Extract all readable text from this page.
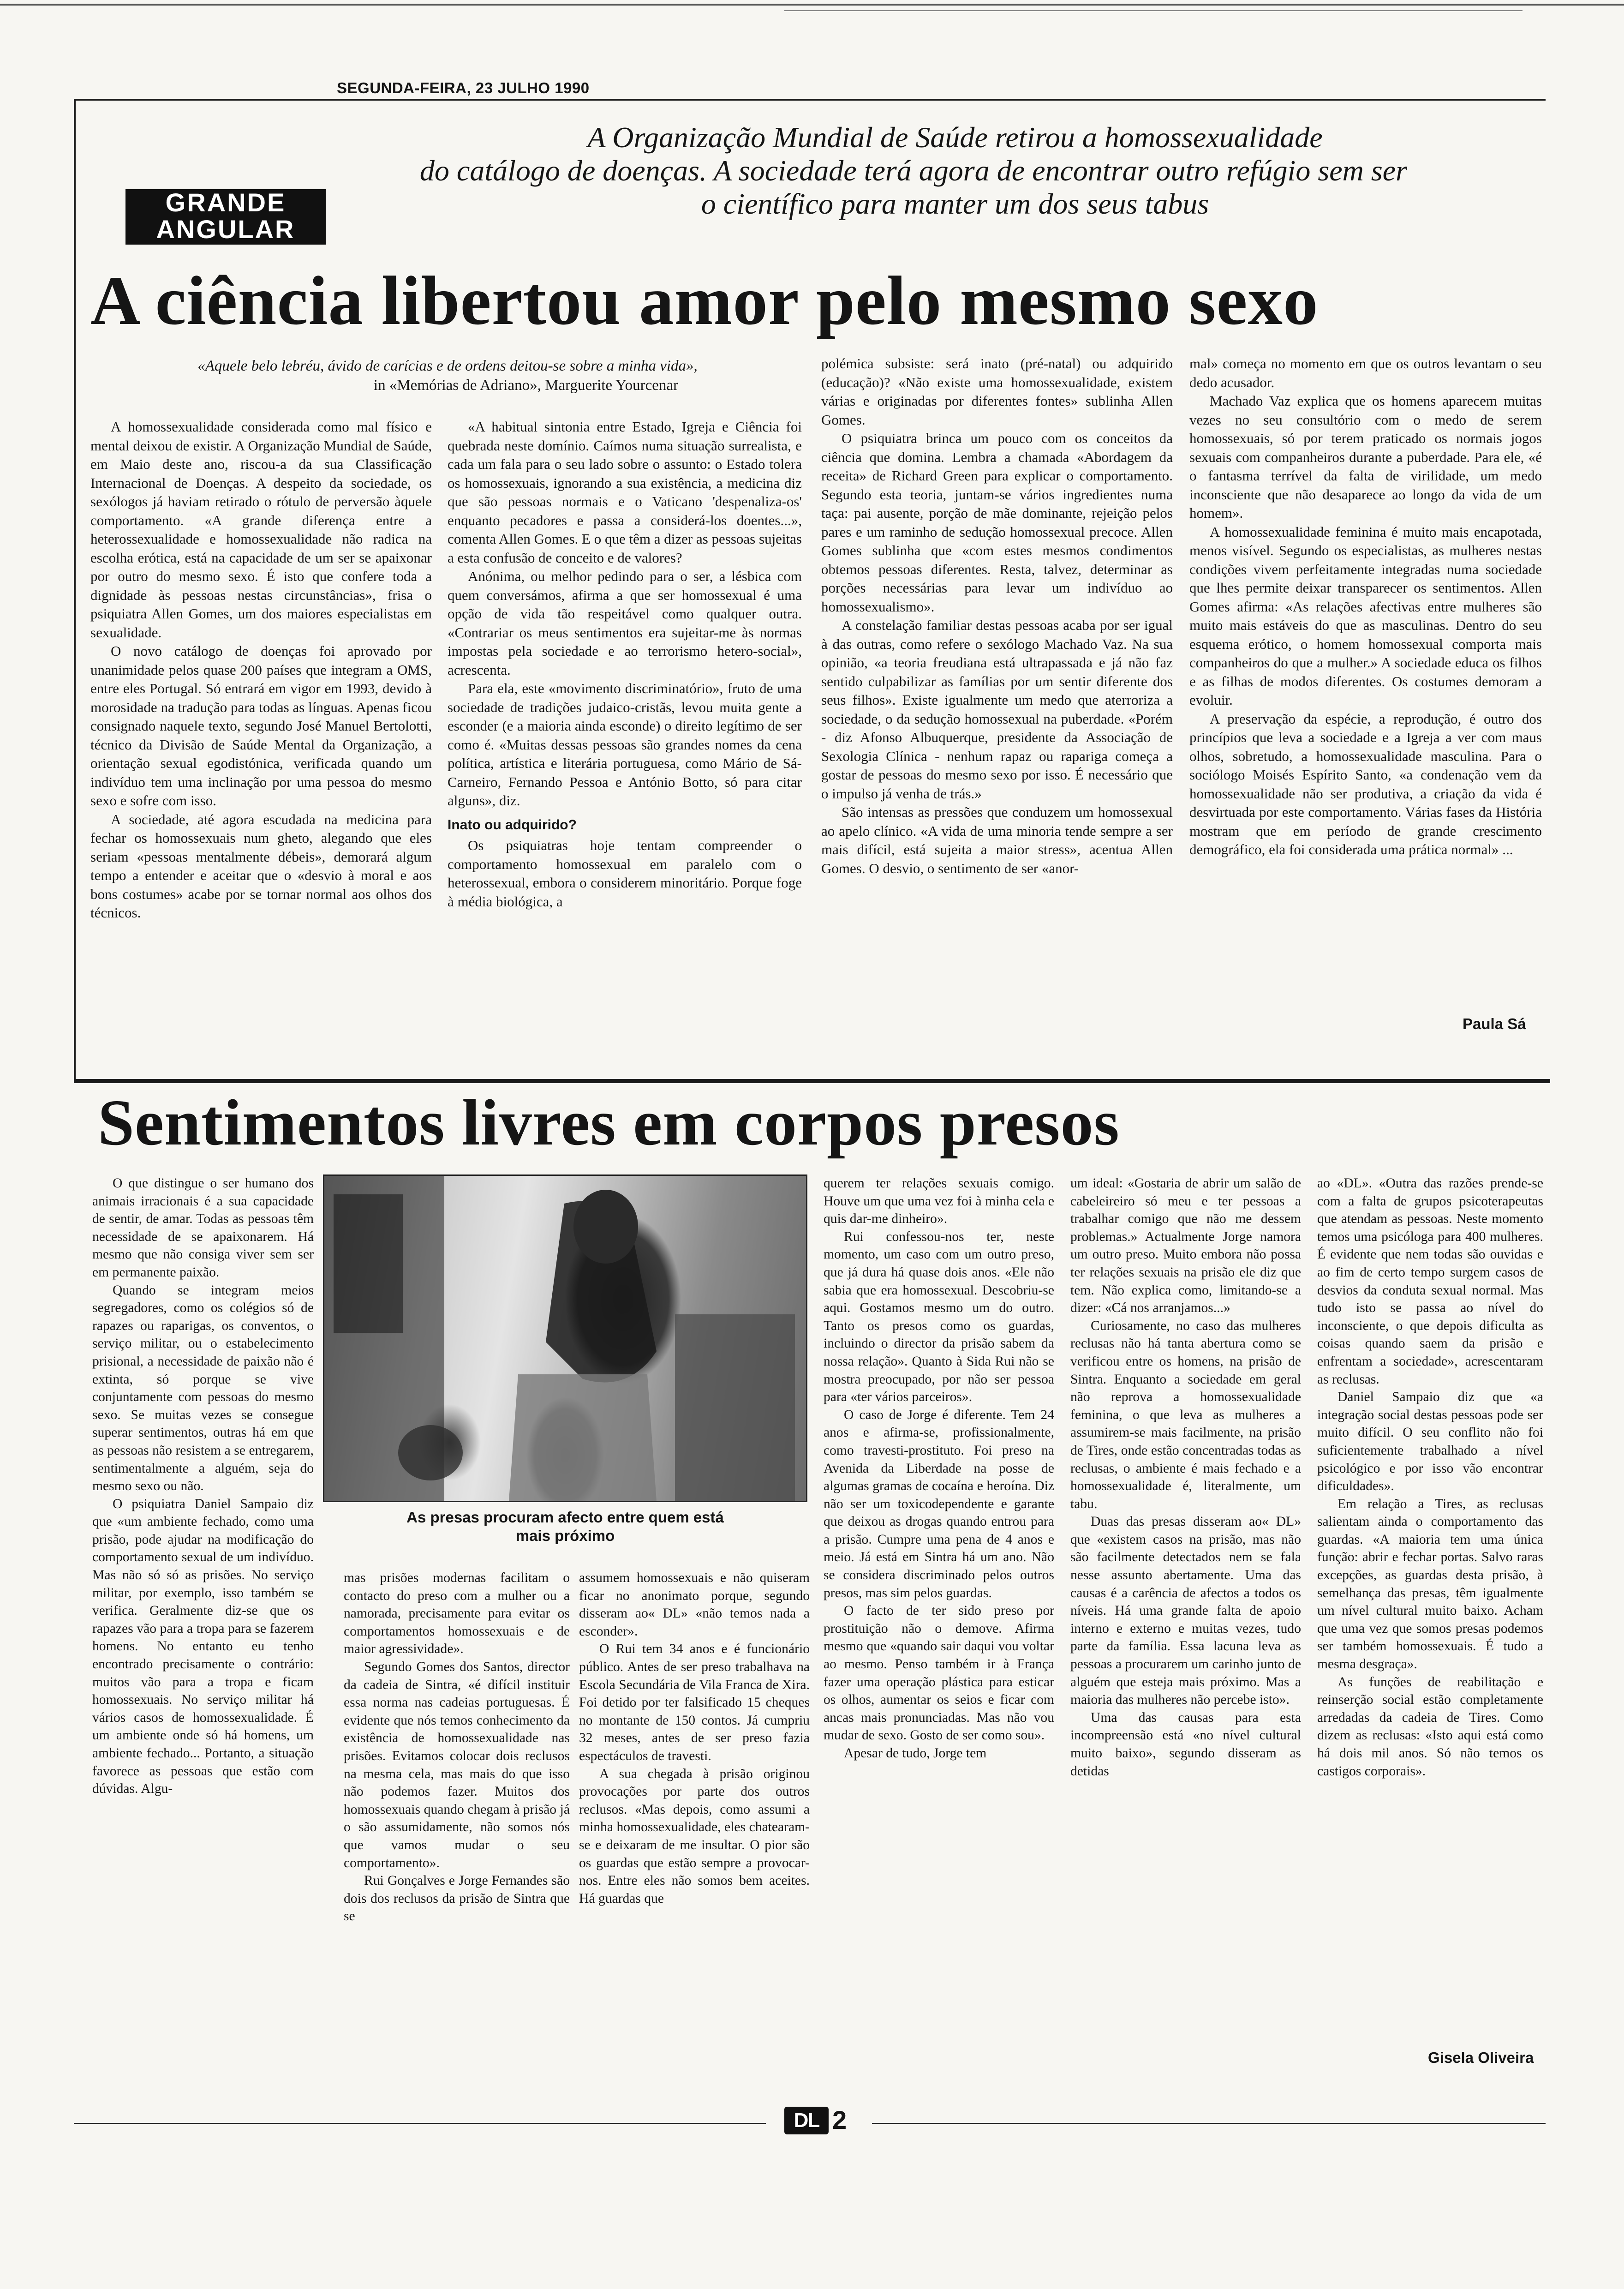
SEGUNDA-FEIRA, 23 JULHO 1990
GRANDE
ANGULAR
A Organização Mundial de Saúde retirou a homossexualidade
do catálogo de doenças. A sociedade terá agora de encontrar outro refúgio sem ser
o científico para manter um dos seus tabus
A ciência libertou amor pelo mesmo sexo
«Aquele belo lebréu, ávido de carícias e de ordens deitou-se sobre a minha vida»,
in «Memórias de Adriano», Marguerite Yourcenar

A homossexualidade considerada como mal físico e mental deixou de existir. A Organização Mundial de Saúde, em Maio deste ano, riscou-a da sua Classificação Internacional de Doenças. A despeito da sociedade, os sexólogos já haviam retirado o rótulo de perversão àquele comportamento. «A grande diferença entre a heterossexualidade e homossexualidade não radica na escolha erótica, está na capacidade de um ser se apaixonar por outro do mesmo sexo. É isto que confere toda a dignidade às pessoas nestas circunstâncias», frisa o psiquiatra Allen Gomes, um dos maiores especialistas em sexualidade.

O novo catálogo de doenças foi aprovado por unanimidade pelos quase 200 países que integram a OMS, entre eles Portugal. Só entrará em vigor em 1993, devido à morosidade na tradução para todas as línguas. Apenas ficou consignado naquele texto, segundo José Manuel Bertolotti, técnico da Divisão de Saúde Mental da Organização, a orientação sexual egodistónica, verificada quando um indivíduo tem uma inclinação por uma pessoa do mesmo sexo e sofre com isso.

A sociedade, até agora escudada na medicina para fechar os homossexuais num gheto, alegando que eles seriam «pessoas mentalmente débeis», demorará algum tempo a entender e aceitar que o «desvio à moral e aos bons costumes» acabe por se tornar normal aos olhos dos técnicos.

«A habitual sintonia entre Estado, Igreja e Ciência foi quebrada neste domínio. Caímos numa situação surrealista, e cada um fala para o seu lado sobre o assunto: o Estado tolera os homossexuais, ignorando a sua existência, a medicina diz que são pessoas normais e o Vaticano 'despenaliza-os' enquanto pecadores e passa a considerá-los doentes...», comenta Allen Gomes. E o que têm a dizer as pessoas sujeitas a esta confusão de conceito e de valores?

Anónima, ou melhor pedindo para o ser, a lésbica com quem conversámos, afirma a que ser homossexual é uma opção de vida tão respeitável como qualquer outra. «Contrariar os meus sentimentos era sujeitar-me às normas impostas pela sociedade e ao terrorismo hetero-social», acrescenta.

Para ela, este «movimento discriminatório», fruto de uma sociedade de tradições judaico-cristãs, levou muita gente a esconder (e a maioria ainda esconde) o direito legítimo de ser como é. «Muitas dessas pessoas são grandes nomes da cena política, artística e literária portuguesa, como Mário de Sá-Carneiro, Fernando Pessoa e António Botto, só para citar alguns», diz.

Inato ou adquirido?

Os psiquiatras hoje tentam compreender o comportamento homossexual em paralelo com o heterossexual, embora o considerem minoritário. Porque foge à média biológica, a

polémica subsiste: será inato (pré-natal) ou adquirido (educação)? «Não existe uma homossexualidade, existem várias e originadas por diferentes fontes» sublinha Allen Gomes.

O psiquiatra brinca um pouco com os conceitos da ciência que domina. Lembra a chamada «Abordagem da receita» de Richard Green para explicar o comportamento. Segundo esta teoria, juntam-se vários ingredientes numa taça: pai ausente, porção de mãe dominante, rejeição pelos pares e um raminho de sedução homossexual precoce. Allen Gomes sublinha que «com estes mesmos condimentos obtemos pessoas diferentes. Resta, talvez, determinar as porções necessárias para levar um indivíduo ao homossexualismo».

A constelação familiar destas pessoas acaba por ser igual à das outras, como refere o sexólogo Machado Vaz. Na sua opinião, «a teoria freudiana está ultrapassada e já não faz sentido culpabilizar as famílias por um sentir diferente dos seus filhos». Existe igualmente um medo que aterroriza a sociedade, o da sedução homossexual na puberdade. «Porém - diz Afonso Albuquerque, presidente da Associação de Sexologia Clínica - nenhum rapaz ou rapariga começa a gostar de pessoas do mesmo sexo por isso. É necessário que o impulso já venha de trás.»

São intensas as pressões que conduzem um homossexual ao apelo clínico. «A vida de uma minoria tende sempre a ser mais difícil, está sujeita a maior stress», acentua Allen Gomes. O desvio, o sentimento de ser «anor-

mal» começa no momento em que os outros levantam o seu dedo acusador.

Machado Vaz explica que os homens aparecem muitas vezes no seu consultório com o medo de serem homossexuais, só por terem praticado os normais jogos sexuais com companheiros durante a puberdade. Para ele, «é o fantasma terrível da falta de virilidade, um medo inconsciente que não desaparece ao longo da vida de um homem».

A homossexualidade feminina é muito mais encapotada, menos visível. Segundo os especialistas, as mulheres nestas condições vivem perfeitamente integradas numa sociedade que lhes permite deixar transparecer os sentimentos. Allen Gomes afirma: «As relações afectivas entre mulheres são muito mais estáveis do que as masculinas. Dentro do seu esquema erótico, o homem homossexual comporta mais companheiros do que a mulher.» A sociedade educa os filhos e as filhas de modos diferentes. Os costumes demoram a evoluir.

A preservação da espécie, a reprodução, é outro dos princípios que leva a sociedade e a Igreja a ver com maus olhos, sobretudo, a homossexualidade masculina. Para o sociólogo Moisés Espírito Santo, «a condenação vem da homossexualidade não ser produtiva, a criação da vida é desvirtuada por este comportamento. Várias fases da História mostram que em período de grande crescimento demográfico, ela foi considerada uma prática normal» ...

Paula Sá
Sentimentos livres em corpos presos
As presas procuram afecto entre quem está
mais próximo

O que distingue o ser humano dos animais irracionais é a sua capacidade de sentir, de amar. Todas as pessoas têm necessidade de se apaixonarem. Há mesmo que não consiga viver sem ser em permanente paixão.

Quando se integram meios segregadores, como os colégios só de rapazes ou raparigas, os conventos, o serviço militar, ou o estabelecimento prisional, a necessidade de paixão não é extinta, só porque se vive conjuntamente com pessoas do mesmo sexo. Se muitas vezes se consegue superar sentimentos, outras há em que as pessoas não resistem a se entregarem, sentimentalmente a alguém, seja do mesmo sexo ou não.

O psiquiatra Daniel Sampaio diz que «um ambiente fechado, como uma prisão, pode ajudar na modificação do comportamento sexual de um indivíduo. Mas não só só as prisões. No serviço militar, por exemplo, isso também se verifica. Geralmente diz-se que os rapazes vão para a tropa para se fazerem homens. No entanto eu tenho encontrado precisamente o contrário: muitos vão para a tropa e ficam homossexuais. No serviço militar há vários casos de homossexualidade. É um ambiente onde só há homens, um ambiente fechado... Portanto, a situação favorece as pessoas que estão com dúvidas. Algu-

mas prisões modernas facilitam o contacto do preso com a mulher ou a namorada, precisamente para evitar os comportamentos homossexuais e de maior agressividade».

Segundo Gomes dos Santos, director da cadeia de Sintra, «é difícil instituir essa norma nas cadeias portuguesas. É evidente que nós temos conhecimento da existência de homossexualidade nas prisões. Evitamos colocar dois reclusos na mesma cela, mas mais do que isso não podemos fazer. Muitos dos homossexuais quando chegam à prisão já o são assumidamente, não somos nós que vamos mudar o seu comportamento».

Rui Gonçalves e Jorge Fernandes são dois dos reclusos da prisão de Sintra que se

assumem homossexuais e não quiseram ficar no anonimato porque, segundo disseram ao« DL» «não temos nada a esconder».

O Rui tem 34 anos e é funcionário público. Antes de ser preso trabalhava na Escola Secundária de Vila Franca de Xira. Foi detido por ter falsificado 15 cheques no montante de 150 contos. Já cumpriu 32 meses, antes de ser preso fazia espectáculos de travesti.

A sua chegada à prisão originou provocações por parte dos outros reclusos. «Mas depois, como assumi a minha homossexualidade, eles chatearam-se e deixaram de me insultar. O pior são os guardas que estão sempre a provocar-nos. Entre eles não somos bem aceites. Há guardas que

querem ter relações sexuais comigo. Houve um que uma vez foi à minha cela e quis dar-me dinheiro».

Rui confessou-nos ter, neste momento, um caso com um outro preso, que já dura há quase dois anos. «Ele não sabia que era homossexual. Descobriu-se aqui. Gostamos mesmo um do outro. Tanto os presos como os guardas, incluindo o director da prisão sabem da nossa relação». Quanto à Sida Rui não se mostra preocupado, por não ser pessoa para «ter vários parceiros».

O caso de Jorge é diferente. Tem 24 anos e afirma-se, profissionalmente, como travesti-prostituto. Foi preso na Avenida da Liberdade na posse de algumas gramas de cocaína e heroína. Diz não ser um toxicodependente e garante que deixou as drogas quando entrou para a prisão. Cumpre uma pena de 4 anos e meio. Já está em Sintra há um ano. Não se considera discriminado pelos outros presos, mas sim pelos guardas.

O facto de ter sido preso por prostituição não o demove. Afirma mesmo que «quando sair daqui vou voltar ao mesmo. Penso também ir à França fazer uma operação plástica para esticar os olhos, aumentar os seios e ficar com ancas mais pronunciadas. Mas não vou mudar de sexo. Gosto de ser como sou».

Apesar de tudo, Jorge tem

um ideal: «Gostaria de abrir um salão de cabeleireiro só meu e ter pessoas a trabalhar comigo que não me dessem problemas.» Actualmente Jorge namora um outro preso. Muito embora não possa ter relações sexuais na prisão ele diz que tem. Não explica como, limitando-se a dizer: «Cá nos arranjamos...»

Curiosamente, no caso das mulheres reclusas não há tanta abertura como se verificou entre os homens, na prisão de Sintra. Enquanto a sociedade em geral não reprova a homossexualidade feminina, o que leva as mulheres a assumirem-se mais facilmente, na prisão de Tires, onde estão concentradas todas as reclusas, o ambiente é mais fechado e a homossexualidade é, literalmente, um tabu.

Duas das presas disseram ao« DL» que «existem casos na prisão, mas não são facilmente detectados nem se fala nesse assunto abertamente. Uma das causas é a carência de afectos a todos os níveis. Há uma grande falta de apoio interno e externo e muitas vezes, tudo parte da família. Essa lacuna leva as pessoas a procurarem um carinho junto de alguém que esteja mais próximo. Mas a maioria das mulheres não percebe isto».

Uma das causas para esta incompreensão está «no nível cultural muito baixo», segundo disseram as detidas

ao «DL». «Outra das razões prende-se com a falta de grupos psicoterapeutas que atendam as pessoas. Neste momento temos uma psicóloga para 400 mulheres. É evidente que nem todas são ouvidas e ao fim de certo tempo surgem casos de desvios da conduta sexual normal. Mas tudo isto se passa ao nível do inconsciente, o que depois dificulta as coisas quando saem da prisão e enfrentam a sociedade», acrescentaram as reclusas.

Daniel Sampaio diz que «a integração social destas pessoas pode ser muito difícil. O seu conflito não foi suficientemente trabalhado a nível psicológico e por isso vão encontrar dificuldades».

Em relação a Tires, as reclusas salientam ainda o comportamento das guardas. «A maioria tem uma única função: abrir e fechar portas. Salvo raras excepções, as guardas desta prisão, à semelhança das presas, têm igualmente um nível cultural muito baixo. Acham que uma vez que somos presas podemos ser também homossexuais. É tudo a mesma desgraça».

As funções de reabilitação e reinserção social estão completamente arredadas da cadeia de Tires. Como dizem as reclusas: «Isto aqui está como há dois mil anos. Só não temos os castigos corporais».

Gisela Oliveira
DL 2
